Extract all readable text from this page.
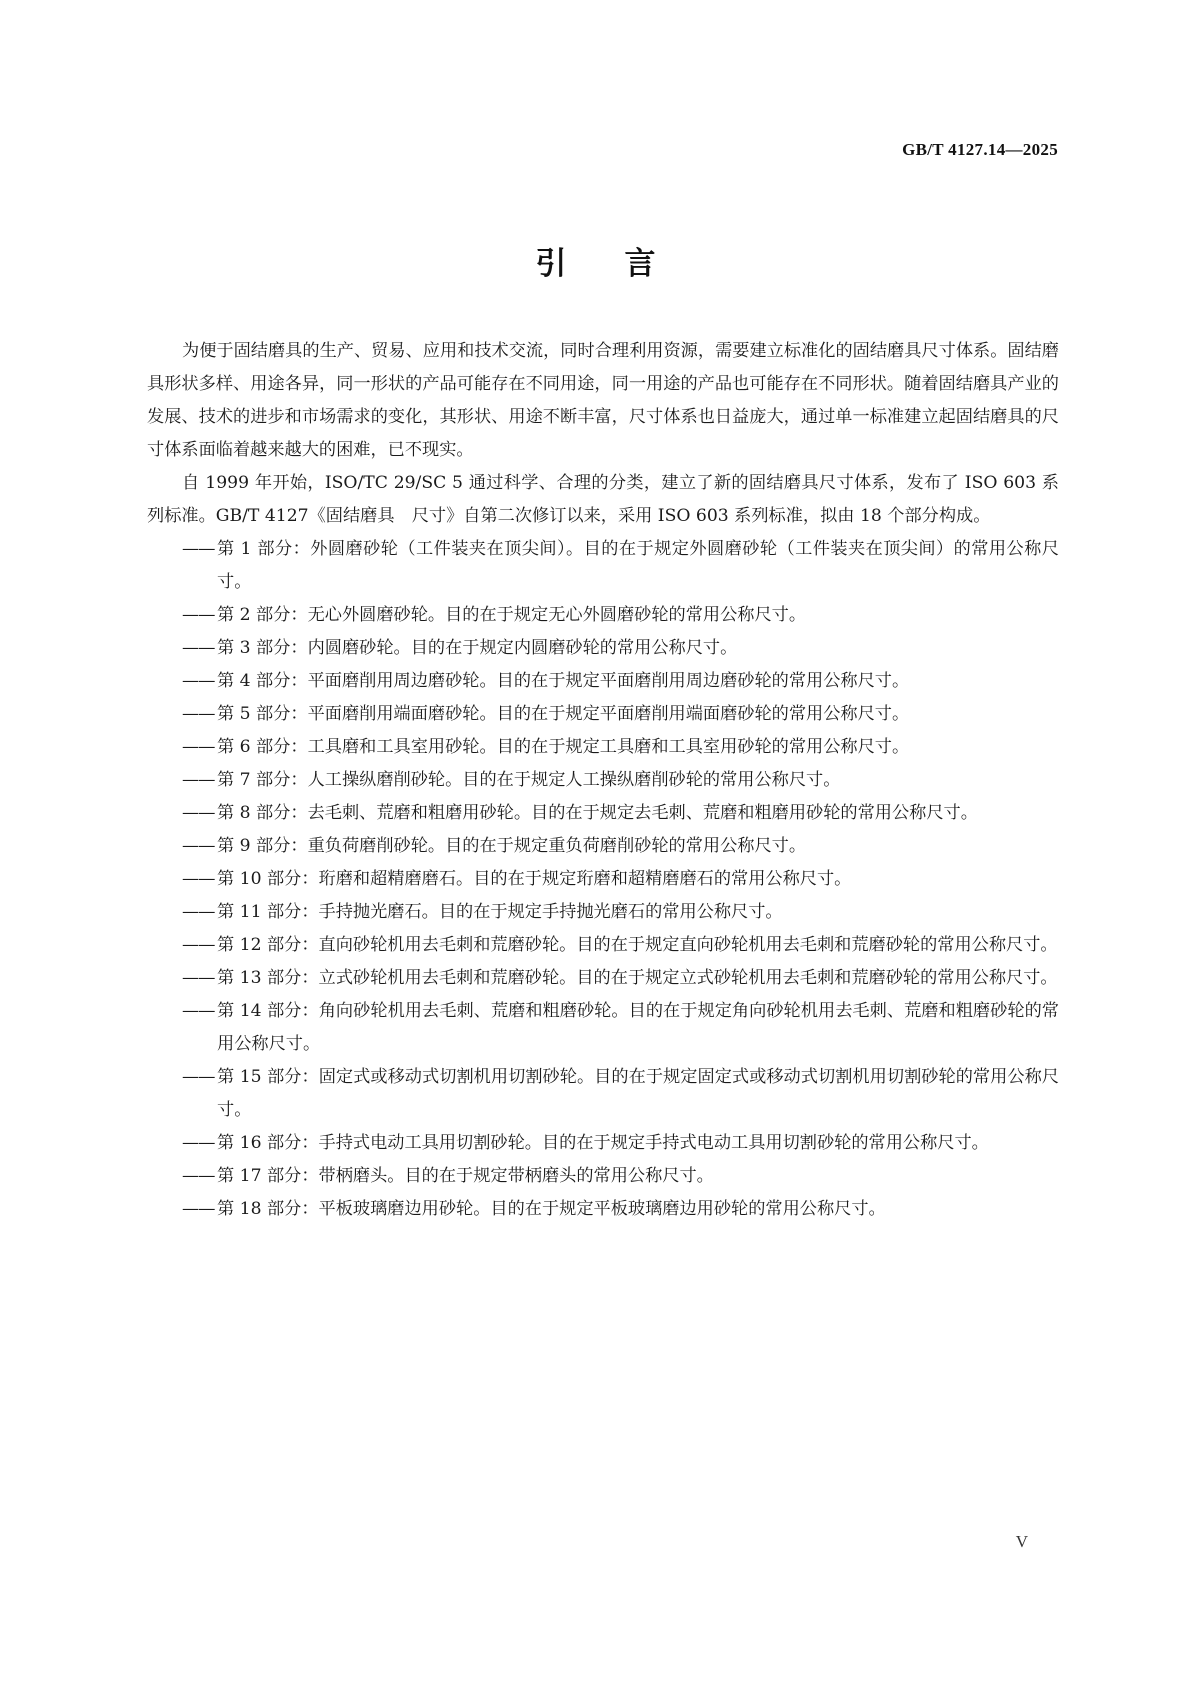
GB/T 4127.14—2025
引言

为便于固结磨具的生产、贸易、应用和技术交流，同时合理利用资源，需要建立标准化的固结磨具尺寸体系。固结磨具形状多样、用途各异，同一形状的产品可能存在不同用途，同一用途的产品也可能存在不同形状。随着固结磨具产业的发展、技术的进步和市场需求的变化，其形状、用途不断丰富，尺寸体系也日益庞大，通过单一标准建立起固结磨具的尺寸体系面临着越来越大的困难，已不现实。

自 1999 年开始，ISO/TC 29/SC 5 通过科学、合理的分类，建立了新的固结磨具尺寸体系，发布了 ISO 603 系列标准。GB/T 4127《固结磨具　尺寸》自第二次修订以来，采用 ISO 603 系列标准，拟由 18 个部分构成。

—— 第 1 部分：外圆磨砂轮（工件装夹在顶尖间）。目的在于规定外圆磨砂轮（工件装夹在顶尖间）的常用公称尺寸。
—— 第 2 部分：无心外圆磨砂轮。目的在于规定无心外圆磨砂轮的常用公称尺寸。
—— 第 3 部分：内圆磨砂轮。目的在于规定内圆磨砂轮的常用公称尺寸。
—— 第 4 部分：平面磨削用周边磨砂轮。目的在于规定平面磨削用周边磨砂轮的常用公称尺寸。
—— 第 5 部分：平面磨削用端面磨砂轮。目的在于规定平面磨削用端面磨砂轮的常用公称尺寸。
—— 第 6 部分：工具磨和工具室用砂轮。目的在于规定工具磨和工具室用砂轮的常用公称尺寸。
—— 第 7 部分：人工操纵磨削砂轮。目的在于规定人工操纵磨削砂轮的常用公称尺寸。
—— 第 8 部分：去毛刺、荒磨和粗磨用砂轮。目的在于规定去毛刺、荒磨和粗磨用砂轮的常用公称尺寸。
—— 第 9 部分：重负荷磨削砂轮。目的在于规定重负荷磨削砂轮的常用公称尺寸。
—— 第 10 部分：珩磨和超精磨磨石。目的在于规定珩磨和超精磨磨石的常用公称尺寸。
—— 第 11 部分：手持抛光磨石。目的在于规定手持抛光磨石的常用公称尺寸。
—— 第 12 部分：直向砂轮机用去毛刺和荒磨砂轮。目的在于规定直向砂轮机用去毛刺和荒磨砂轮的常用公称尺寸。
—— 第 13 部分：立式砂轮机用去毛刺和荒磨砂轮。目的在于规定立式砂轮机用去毛刺和荒磨砂轮的常用公称尺寸。
—— 第 14 部分：角向砂轮机用去毛刺、荒磨和粗磨砂轮。目的在于规定角向砂轮机用去毛刺、荒磨和粗磨砂轮的常用公称尺寸。
—— 第 15 部分：固定式或移动式切割机用切割砂轮。目的在于规定固定式或移动式切割机用切割砂轮的常用公称尺寸。
—— 第 16 部分：手持式电动工具用切割砂轮。目的在于规定手持式电动工具用切割砂轮的常用公称尺寸。
—— 第 17 部分：带柄磨头。目的在于规定带柄磨头的常用公称尺寸。
—— 第 18 部分：平板玻璃磨边用砂轮。目的在于规定平板玻璃磨边用砂轮的常用公称尺寸。
V
